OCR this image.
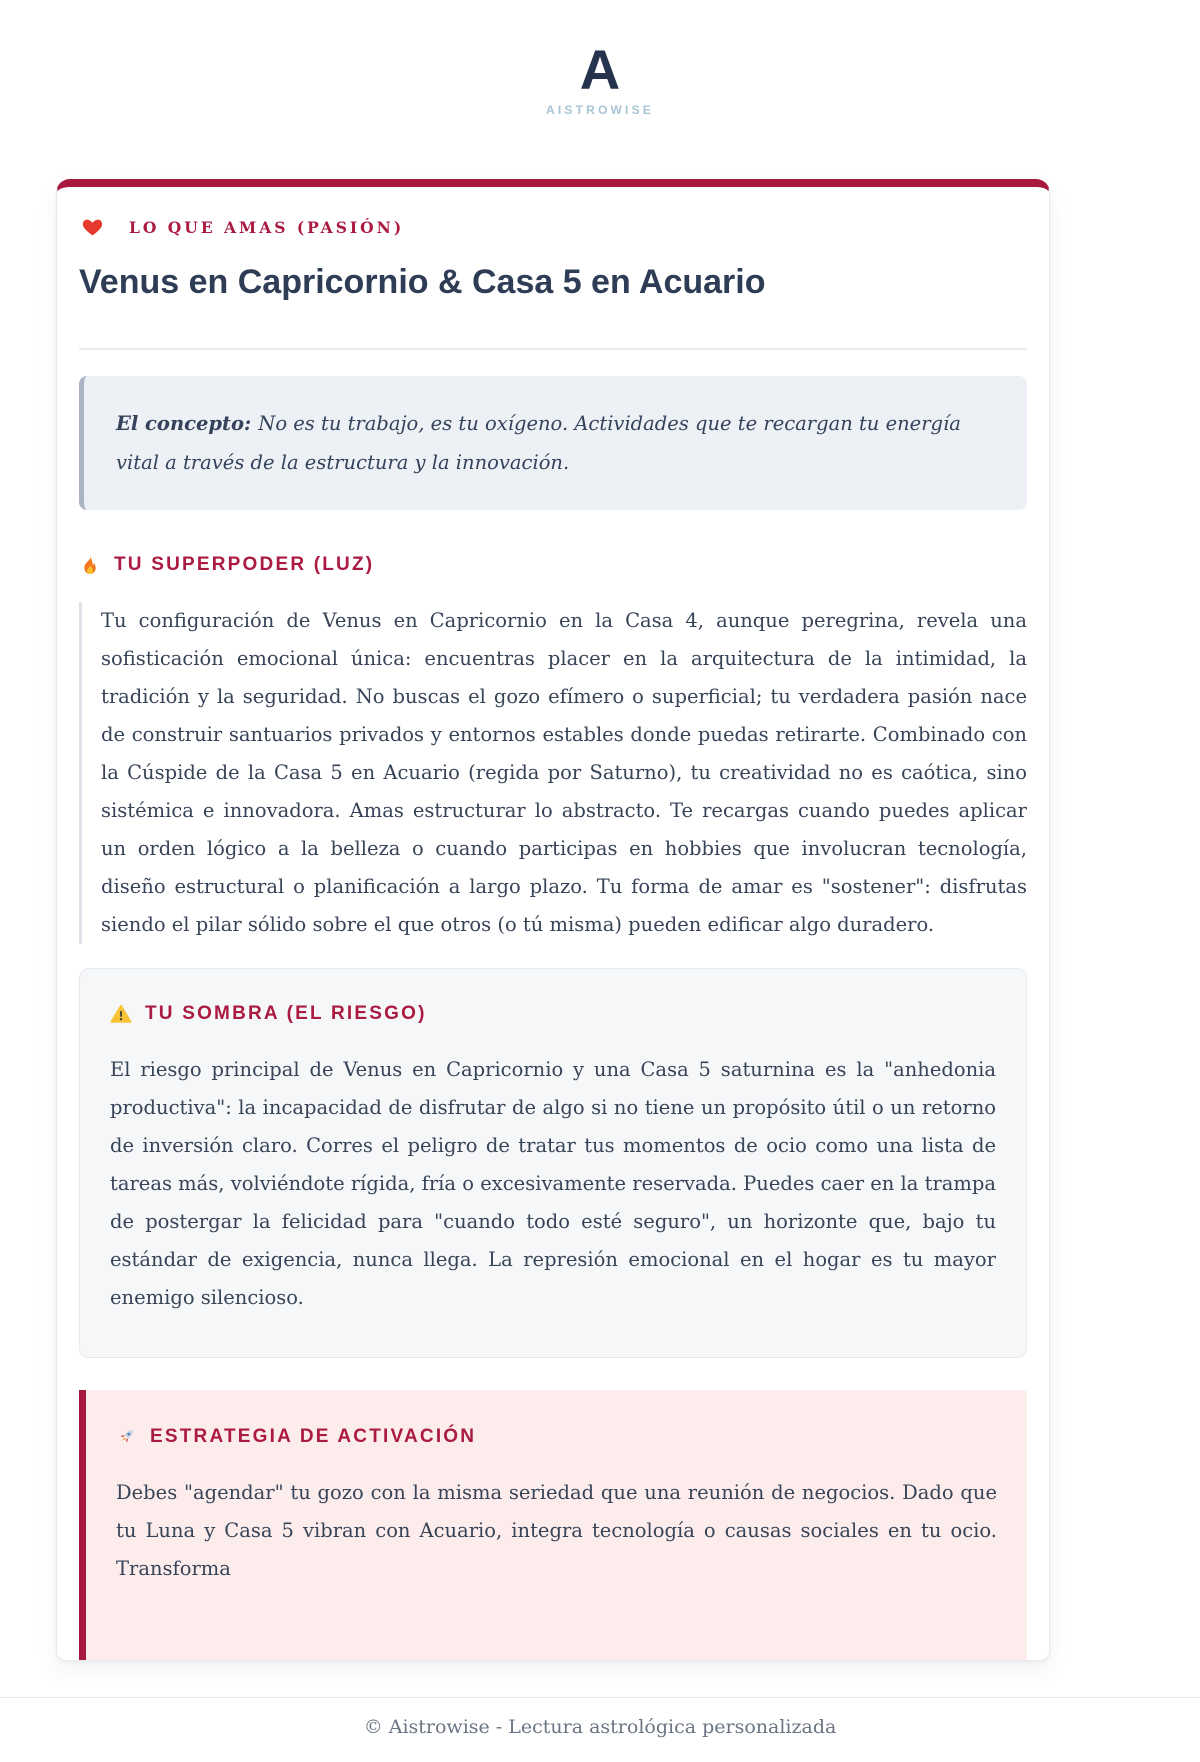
A
AISTROWISE
LO QUE AMAS (PASIÓN)
Venus en Capricornio & Casa 5 en Acuario

El concepto: No es tu trabajo, es tu oxígeno. Actividades que te recargan tu energía vital a través de la estructura y la innovación.

TU SUPERPODER (LUZ)

Tu configuración de Venus en Capricornio en la Casa 4, aunque peregrina, revela una sofisticación emocional única: encuentras placer en la arquitectura de la intimidad, la tradición y la seguridad. No buscas el gozo efímero o superficial; tu verdadera pasión nace de construir santuarios privados y entornos estables donde puedas retirarte. Combinado con la Cúspide de la Casa 5 en Acuario (regida por Saturno), tu creatividad no es caótica, sino sistémica e innovadora. Amas estructurar lo abstracto. Te recargas cuando puedes aplicar un orden lógico a la belleza o cuando participas en hobbies que involucran tecnología, diseño estructural o planificación a largo plazo. Tu forma de amar es "sostener": disfrutas siendo el pilar sólido sobre el que otros (o tú misma) pueden edificar algo duradero.

TU SOMBRA (EL RIESGO)

El riesgo principal de Venus en Capricornio y una Casa 5 saturnina es la "anhedonia productiva": la incapacidad de disfrutar de algo si no tiene un propósito útil o un retorno de inversión claro. Corres el peligro de tratar tus momentos de ocio como una lista de tareas más, volviéndote rígida, fría o excesivamente reservada. Puedes caer en la trampa de postergar la felicidad para "cuando todo esté seguro", un horizonte que, bajo tu estándar de exigencia, nunca llega. La represión emocional en el hogar es tu mayor enemigo silencioso.

ESTRATEGIA DE ACTIVACIÓN

Debes "agendar" tu gozo con la misma seriedad que una reunión de negocios. Dado que tu Luna y Casa 5 vibran con Acuario, integra tecnología o causas sociales en tu ocio. Transforma

© Aistrowise - Lectura astrológica personalizada
